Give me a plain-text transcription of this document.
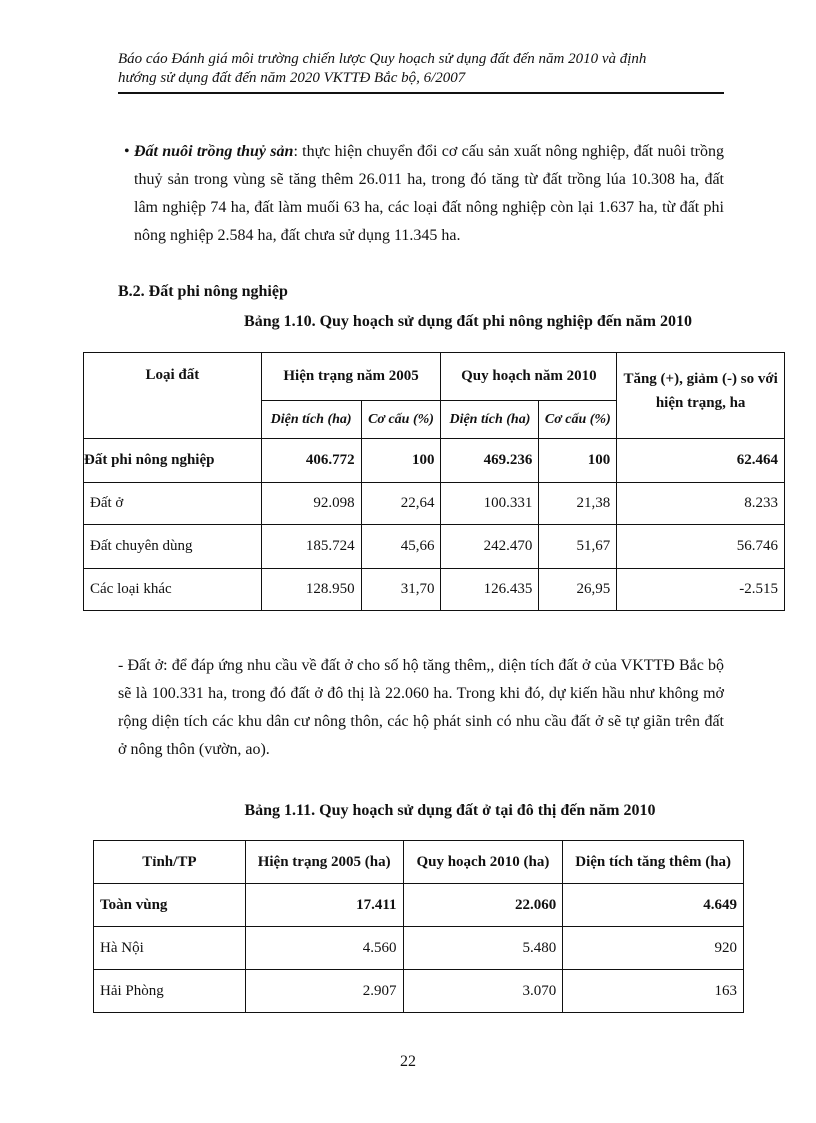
Báo cáo Đánh giá môi trường chiến lược Quy hoạch sử dụng đất đến năm 2010 và định
hướng sử dụng đất đến năm 2020 VKTTĐ Bắc bộ, 6/2007
• Đất nuôi trồng thuỷ sản: thực hiện chuyển đổi cơ cấu sản xuất nông nghiệp, đất nuôi trồng thuỷ sản trong vùng sẽ tăng thêm 26.011 ha, trong đó tăng từ đất trồng lúa 10.308 ha, đất lâm nghiệp 74 ha, đất làm muối 63 ha, các loại đất nông nghiệp còn lại 1.637 ha, từ đất phi nông nghiệp 2.584 ha, đất chưa sử dụng 11.345 ha.
B.2. Đất phi nông nghiệp
Bảng 1.10. Quy hoạch sử dụng đất phi nông nghiệp đến năm 2010
Loại đất	Hiện trạng năm 2005		Quy hoạch năm 2010		Tăng (+), giảm (-) so với hiện trạng, ha
	Diện tích (ha)	Cơ cấu (%)	Diện tích (ha)	Cơ cấu (%)	
Đất phi nông nghiệp	406.772	100	469.236	100	62.464
Đất ở	92.098	22,64	100.331	21,38	8.233
Đất chuyên dùng	185.724	45,66	242.470	51,67	56.746
Các loại khác	128.950	31,70	126.435	26,95	-2.515
- Đất ở: để đáp ứng nhu cầu về đất ở cho số hộ tăng thêm,, diện tích đất ở của VKTTĐ Bắc bộ sẽ là 100.331 ha, trong đó đất ở đô thị là 22.060 ha. Trong khi đó, dự kiến hầu như không mở rộng diện tích các khu dân cư nông thôn, các hộ phát sinh có nhu cầu đất ở sẽ tự giãn trên đất ở nông thôn (vườn, ao).
Bảng 1.11. Quy hoạch sử dụng đất ở tại đô thị đến năm 2010
Tỉnh/TP	Hiện trạng 2005 (ha)	Quy hoạch 2010 (ha)	Diện tích tăng thêm (ha)
Toàn vùng	17.411	22.060	4.649
Hà Nội	4.560	5.480	920
Hải Phòng	2.907	3.070	163
22
